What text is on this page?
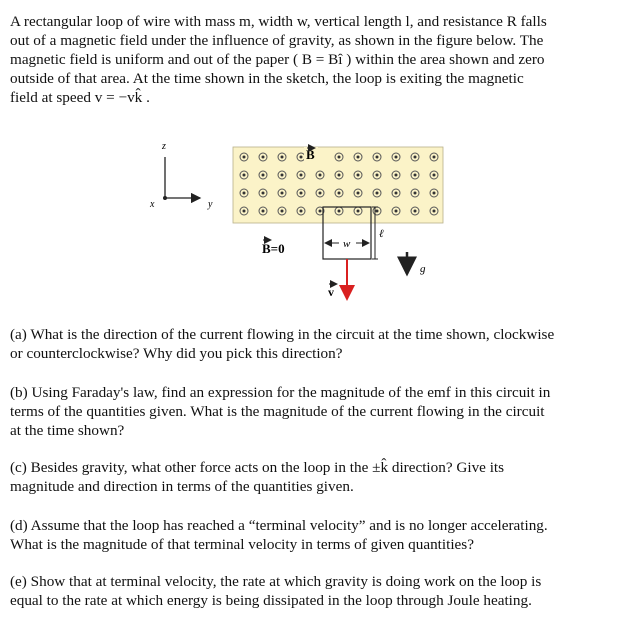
A rectangular loop of wire with mass m, width w, vertical length l, and resistance R falls
out of a magnetic field under the influence of gravity, as shown in the figure below. The
magnetic field is uniform and out of the paper ( B = Bî ) within the area shown and zero
outside of that area. At the time shown in the sketch, the loop is exiting the magnetic
field at speed v = −vk̂ .
z
x	y
B
w
ℓ
B=0
v
g
(a) What is the direction of the current flowing in the circuit at the time shown, clockwise
or counterclockwise? Why did you pick this direction?
(b) Using Faraday's law, find an expression for the magnitude of the emf in this circuit in
terms of the quantities given. What is the magnitude of the current flowing in the circuit
at the time shown?
(c) Besides gravity, what other force acts on the loop in the ±k̂ direction? Give its
magnitude and direction in terms of the quantities given.
(d) Assume that the loop has reached a “terminal velocity” and is no longer accelerating.
What is the magnitude of that terminal velocity in terms of given quantities?
(e) Show that at terminal velocity, the rate at which gravity is doing work on the loop is
equal to the rate at which energy is being dissipated in the loop through Joule heating.
